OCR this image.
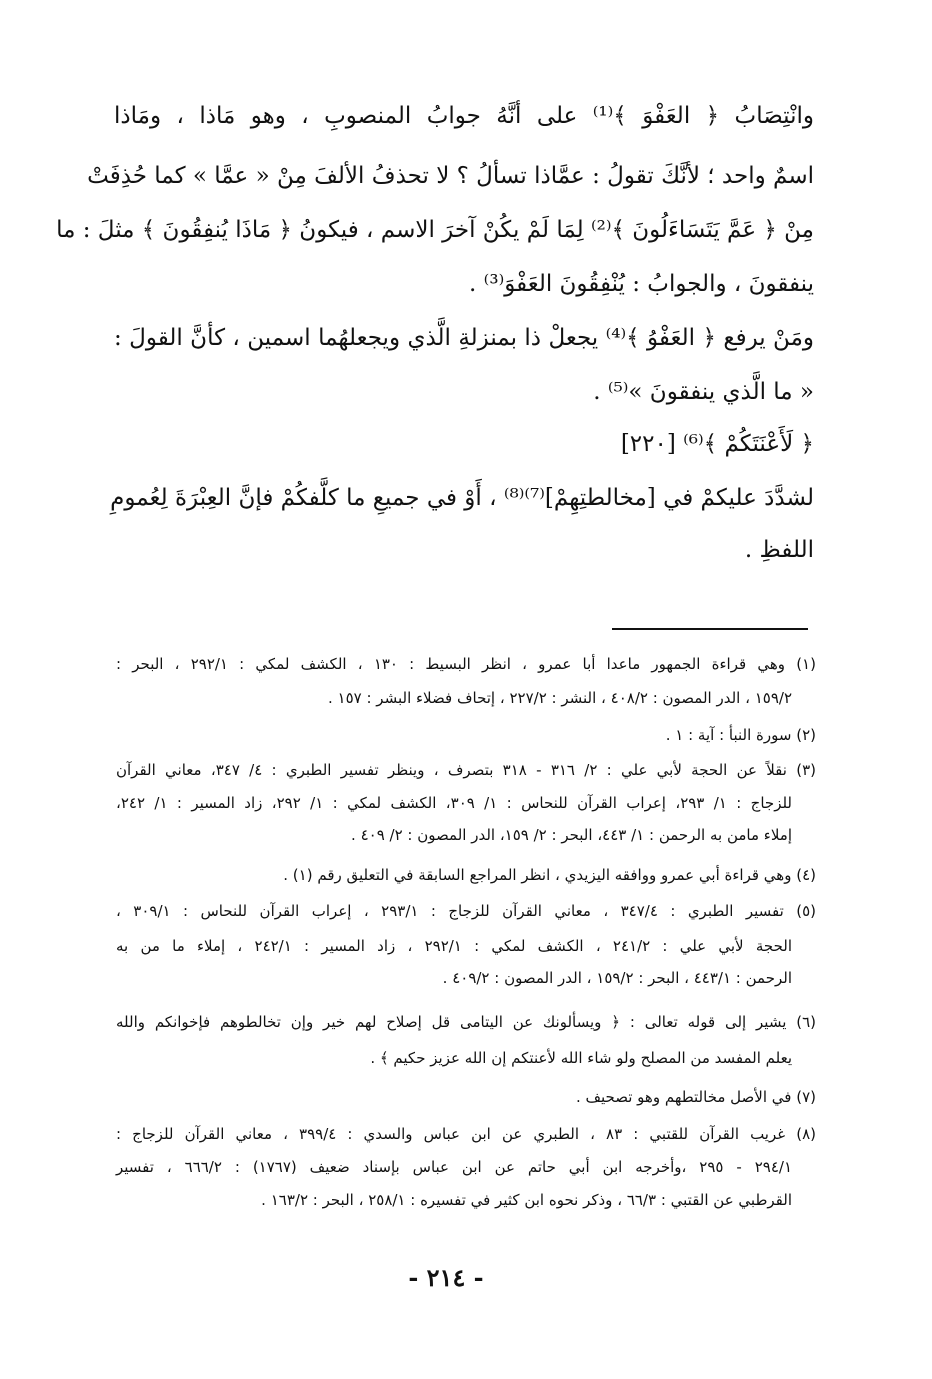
وانْتِصَابُ ﴿ العَفْوَ ﴾⁽¹⁾ على أنَّهُ جوابُ المنصوبِ ، وهو مَاذا ، ومَاذا
اسمٌ واحد ؛ لأنَّكَ تقولُ : عمَّاذا تسألُ ؟ لا تحذفُ الألفَ مِنْ « عمَّا » كما حُذِفَتْ
مِنْ ﴿ عَمَّ يَتَسَاءَلُونَ ﴾⁽²⁾ لِمَا لَمْ يكُنْ آخرَ الاسم ، فيكونُ ﴿ مَاذَا يُنفِقُونَ ﴾ مثلَ : ما
ينفقونَ ، والجوابُ : يُنْفِقُونَ العَفْوَ⁽³⁾ .
ومَنْ يرفع ﴿ العَفْوُ ﴾⁽⁴⁾ يجعلْ ذا بمنزلةِ الَّذي ويجعلهُما اسمين ، كأنَّ القولَ :
« ما الَّذي ينفقونَ »⁽⁵⁾ .
﴿ لَأَعْنَتَكُمْ ﴾⁽⁶⁾ [٢٢٠]
لشدَّدَ عليكمْ في [مخالطتِهِمْ]⁽⁷⁾⁽⁸⁾ ، أَوْ في جميعِ ما كلَّفكُمْ فإنَّ العِبْرَةَ لِعُمومِ
اللفظِ .
(١) وهي قراءة الجمهور ماعدا أبا عمرو ، انظر البسيط : ١٣٠ ، الكشف لمكي : ٢٩٢/١ ، البحر :
١٥٩/٢ ، الدر المصون : ٤٠٨/٢ ، النشر : ٢٢٧/٢ ، إتحاف فضلاء البشر : ١٥٧ .
(٢) سورة النبأ : آية : ١ .
(٣) نقلاً عن الحجة لأبي علي : ٢/ ٣١٦ - ٣١٨ بتصرف ، وينظر تفسير الطبري : ٤/ ٣٤٧، معاني القرآن
للزجاج : ١/ ٢٩٣، إعراب القرآن للنحاس : ١/ ٣٠٩، الكشف لمكي : ١/ ٢٩٢، زاد المسير : ١/ ٢٤٢،
إملاء مامن به الرحمن : ١/ ٤٤٣، البحر : ٢/ ١٥٩، الدر المصون : ٢/ ٤٠٩ .
(٤) وهي قراءة أبي عمرو ووافقه اليزيدي ، انظر المراجع السابقة في التعليق رقم (١) .
(٥) تفسير الطبري : ٣٤٧/٤ ، معاني القرآن للزجاج : ٢٩٣/١ ، إعراب القرآن للنحاس : ٣٠٩/١ ،
الحجة لأبي علي : ٢٤١/٢ ، الكشف لمكي : ٢٩٢/١ ، زاد المسير : ٢٤٢/١ ، إملاء ما من به
الرحمن : ٤٤٣/١ ، البحر : ١٥٩/٢ ، الدر المصون : ٤٠٩/٢ .
(٦) يشير إلى قوله تعالى : ﴿ ويسألونك عن اليتامى قل إصلاح لهم خير وإن تخالطوهم فإخوانكم والله
يعلم المفسد من المصلح ولو شاء الله لأعنتكم إن الله عزيز حكيم ﴾ .
(٧) في الأصل مخالتطهم وهو تصحيف .
(٨) غريب القرآن للقتبي : ٨٣ ، الطبري عن ابن عباس والسدي : ٣٩٩/٤ ، معاني القرآن للزجاج :
٢٩٤/١ - ٢٩٥ ،وأخرجه ابن أبي حاتم عن ابن عباس بإسناد ضعيف (١٧٦٧) : ٦٦٦/٢ ، تفسير
القرطبي عن القتبي : ٦٦/٣ ، وذكر نحوه ابن كثير في تفسيره : ٢٥٨/١ ، البحر : ١٦٣/٢ .
- ٢١٤ -
